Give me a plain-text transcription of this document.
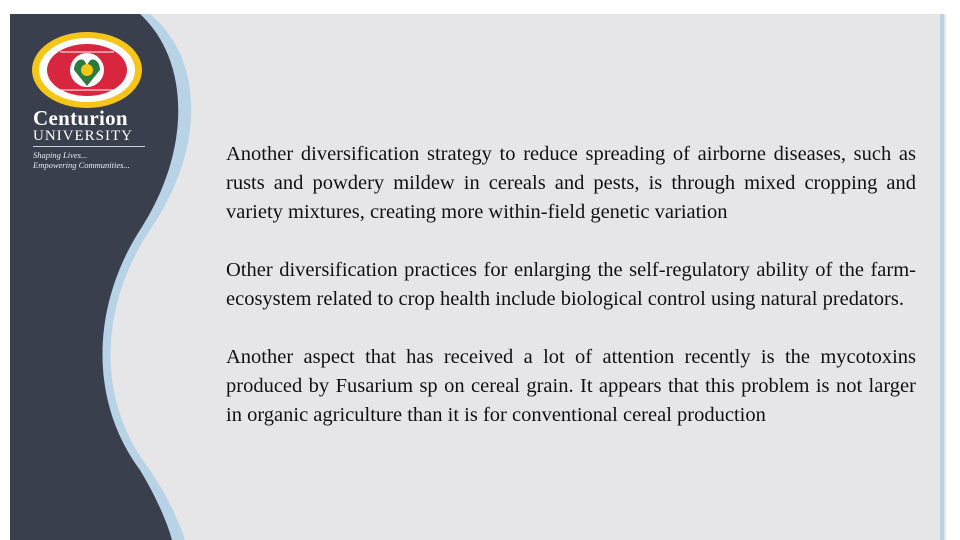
Centurion
UNIVERSITY
Shaping Lives...
Empowering Communities...	Another diversification strategy to reduce spreading of airborne diseases, such as rusts and powdery mildew in cereals and pests, is through mixed cropping and variety mixtures, creating more within-field genetic variation

Other diversification practices for enlarging the self-regulatory ability of the farm-ecosystem related to crop health include biological control using natural predators.

Another aspect that has received a lot of attention recently is the mycotoxins produced by Fusarium sp on cereal grain. It appears that this problem is not larger in organic agriculture than it is for conventional cereal production
